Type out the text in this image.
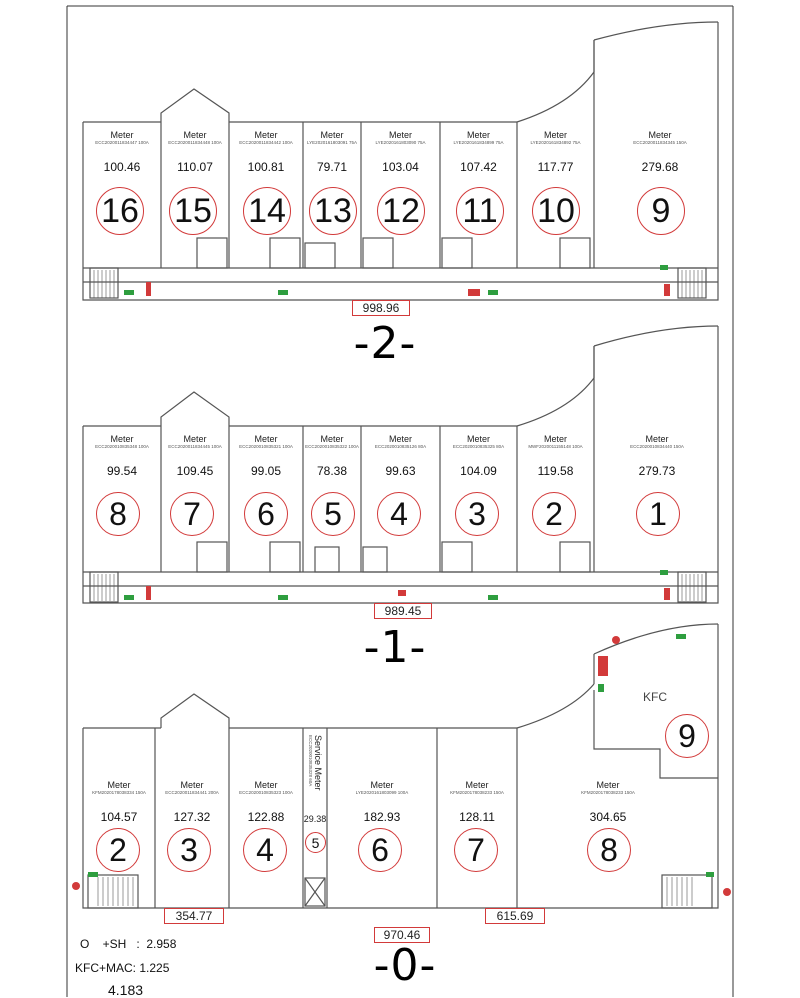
Meter
ECC2020011834447 100A
100.46
16
Meter
ECC2020011834448 100A
110.07
15
Meter
ECC2020011834442 100A
100.81
14
Meter
LYE2020161803091 75A
79.71
13
Meter
LYE2020161803090 75A
103.04
12
Meter
LYE2020161834899 75A
107.42
11
Meter
LYE2020161834892 75A
117.77
10
Meter
ECC2020011834345 150A
279.68
9
998.96
-2-
Meter
ECC2020010835348 100A
99.54
8
Meter
ECC2020011834445 100A
109.45
7
Meter
ECC2020010835321 100A
99.05
6
Meter
ECC2020010835322 100A
78.38
5
Meter
ECC2020010835126 80A
99.63
4
Meter
ECC2020010835325 80A
104.09
3
Meter
MWF2020011155148 100A
119.58
2
Meter
ECC2020010834440 150A
279.73
1
989.45
-1-
Meter
KFM2020178038334 150A
104.57
2
Meter
ECC2020011834441 200A
127.32
3
Meter
ECC2020010835323 100A
122.88
4
Service Meter
ECC2020010835328 60A
29.38
5
Meter
LYE2020161803099 100A
182.93
6
Meter
KFM2020178038233 150A
128.11
7
Meter
KFM2020178038233 150A
304.65
8
KFC
9
354.77	615.69
970.46
-0-
O    +SH   :  2.958
KFC+MAC: 1.225
4.183
